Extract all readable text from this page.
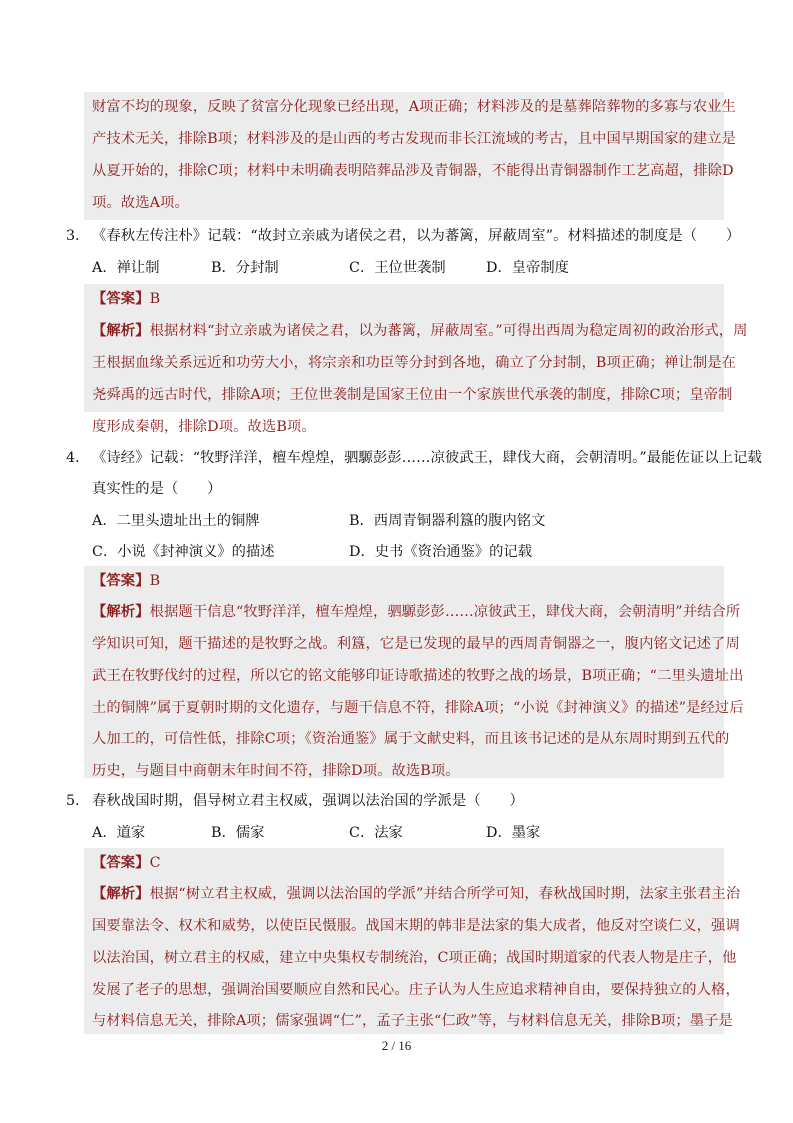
财富不均的现象，反映了贫富分化现象已经出现，A项正确；材料涉及的是墓葬陪葬物的多寡与农业生
产技术无关，排除B项；材料涉及的是山西的考古发现而非长江流域的考古，且中国早期国家的建立是
从夏开始的，排除C项；材料中未明确表明陪葬品涉及青铜器，不能得出青铜器制作工艺高超，排除D
项。故选A项。
3． 《春秋左传注朴》记载：“故封立亲戚为诸侯之君，以为蕃篱，屏蔽周室”。材料描述的制度是（　　）
A．禅让制	B．分封制	C．王位世袭制	D．皇帝制度
【答案】B
【解析】根据材料“封立亲戚为诸侯之君，以为蕃篱，屏蔽周室。”可得出西周为稳定周初的政治形式，周
王根据血缘关系远近和功劳大小，将宗亲和功臣等分封到各地，确立了分封制，B项正确；禅让制是在
尧舜禹的远古时代，排除A项；王位世袭制是国家王位由一个家族世代承袭的制度，排除C项；皇帝制
度形成秦朝，排除D项。故选B项。
4． 《诗经》记载：“牧野洋洋，檀车煌煌，驷騵彭彭……凉彼武王，肆伐大商，会朝清明。”最能佐证以上记载
真实性的是（　　）
A．二里头遗址出土的铜牌	B．西周青铜器利簋的腹内铭文
C．小说《封神演义》的描述	D．史书《资治通鉴》的记载
【答案】B
【解析】根据题干信息“牧野洋洋，檀车煌煌，驷騵彭彭……凉彼武王，肆伐大商，会朝清明”并结合所
学知识可知，题干描述的是牧野之战。利簋，它是已发现的最早的西周青铜器之一，腹内铭文记述了周
武王在牧野伐纣的过程，所以它的铭文能够印证诗歌描述的牧野之战的场景，B项正确；“二里头遗址出
土的铜牌”属于夏朝时期的文化遗存，与题干信息不符，排除A项；“小说《封神演义》的描述”是经过后
人加工的，可信性低，排除C项；《资治通鉴》属于文献史料，而且该书记述的是从东周时期到五代的
历史，与题目中商朝末年时间不符，排除D项。故选B项。
5． 春秋战国时期，倡导树立君主权威，强调以法治国的学派是（　　）
A．道家	B．儒家	C．法家	D．墨家
【答案】C
【解析】根据“树立君主权威，强调以法治国的学派”并结合所学可知，春秋战国时期，法家主张君主治
国要靠法令、权术和威势，以使臣民慑服。战国末期的韩非是法家的集大成者，他反对空谈仁义，强调
以法治国，树立君主的权威，建立中央集权专制统治，C项正确；战国时期道家的代表人物是庄子，他
发展了老子的思想，强调治国要顺应自然和民心。庄子认为人生应追求精神自由，要保持独立的人格，
与材料信息无关，排除A项；儒家强调“仁”，孟子主张“仁政”等，与材料信息无关，排除B项；墨子是
2 / 16
